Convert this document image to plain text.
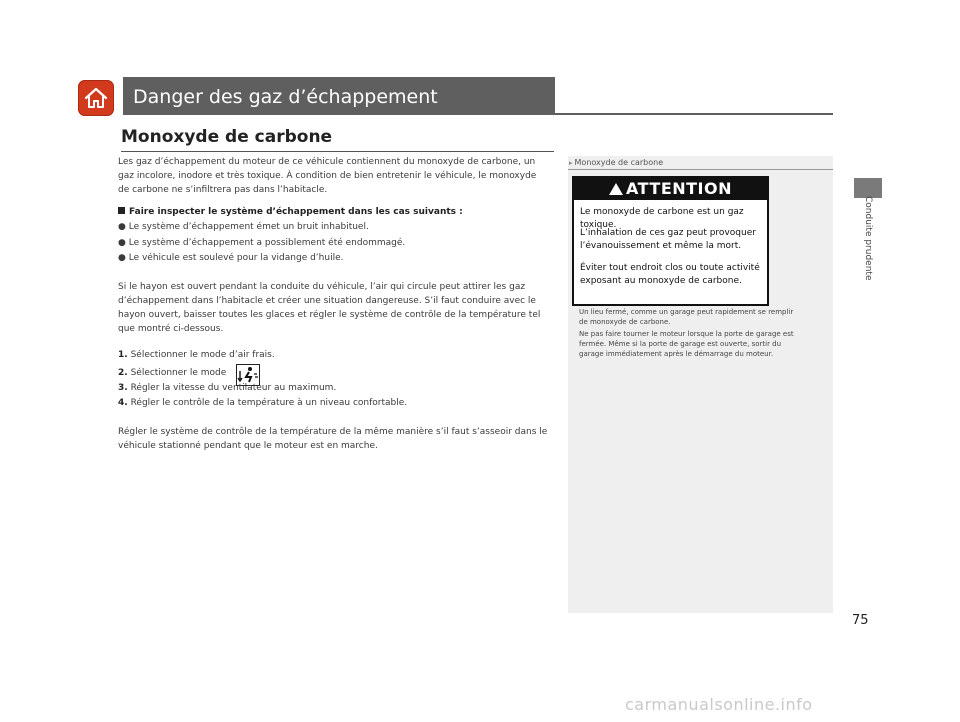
Danger des gaz d’échappement
Monoxyde de carbone
Les gaz d’échappement du moteur de ce véhicule contiennent du monoxyde de carbone, un
gaz incolore, inodore et très toxique. À condition de bien entretenir le véhicule, le monoxyde
de carbone ne s’infiltrera pas dans l’habitacle.
Faire inspecter le système d’échappement dans les cas suivants :
● Le système d’échappement émet un bruit inhabituel.
● Le système d’échappement a possiblement été endommagé.
● Le véhicule est soulevé pour la vidange d’huile.
Si le hayon est ouvert pendant la conduite du véhicule, l’air qui circule peut attirer les gaz
d’échappement dans l’habitacle et créer une situation dangereuse. S’il faut conduire avec le
hayon ouvert, baisser toutes les glaces et régler le système de contrôle de la température tel
que montré ci-dessous.
1. Sélectionner le mode d’air frais.
2. Sélectionner le mode
3. Régler la vitesse du ventilateur au maximum.
4. Régler le contrôle de la température à un niveau confortable.
Régler le système de contrôle de la température de la même manière s’il faut s’asseoir dans le
véhicule stationné pendant que le moteur est en marche.
▸ Monoxyde de carbone
ATTENTION
Le monoxyde de carbone est un gaz toxique.
L’inhalation de ces gaz peut provoquer
l’évanouissement et même la mort.
Éviter tout endroit clos ou toute activité
exposant au monoxyde de carbone.
Un lieu fermé, comme un garage peut rapidement se remplir
de monoxyde de carbone.
Ne pas faire tourner le moteur lorsque la porte de garage est
fermée. Même si la porte de garage est ouverte, sortir du
garage immédiatement après le démarrage du moteur.
Conduite prudente
75
carmanualsonline.info
